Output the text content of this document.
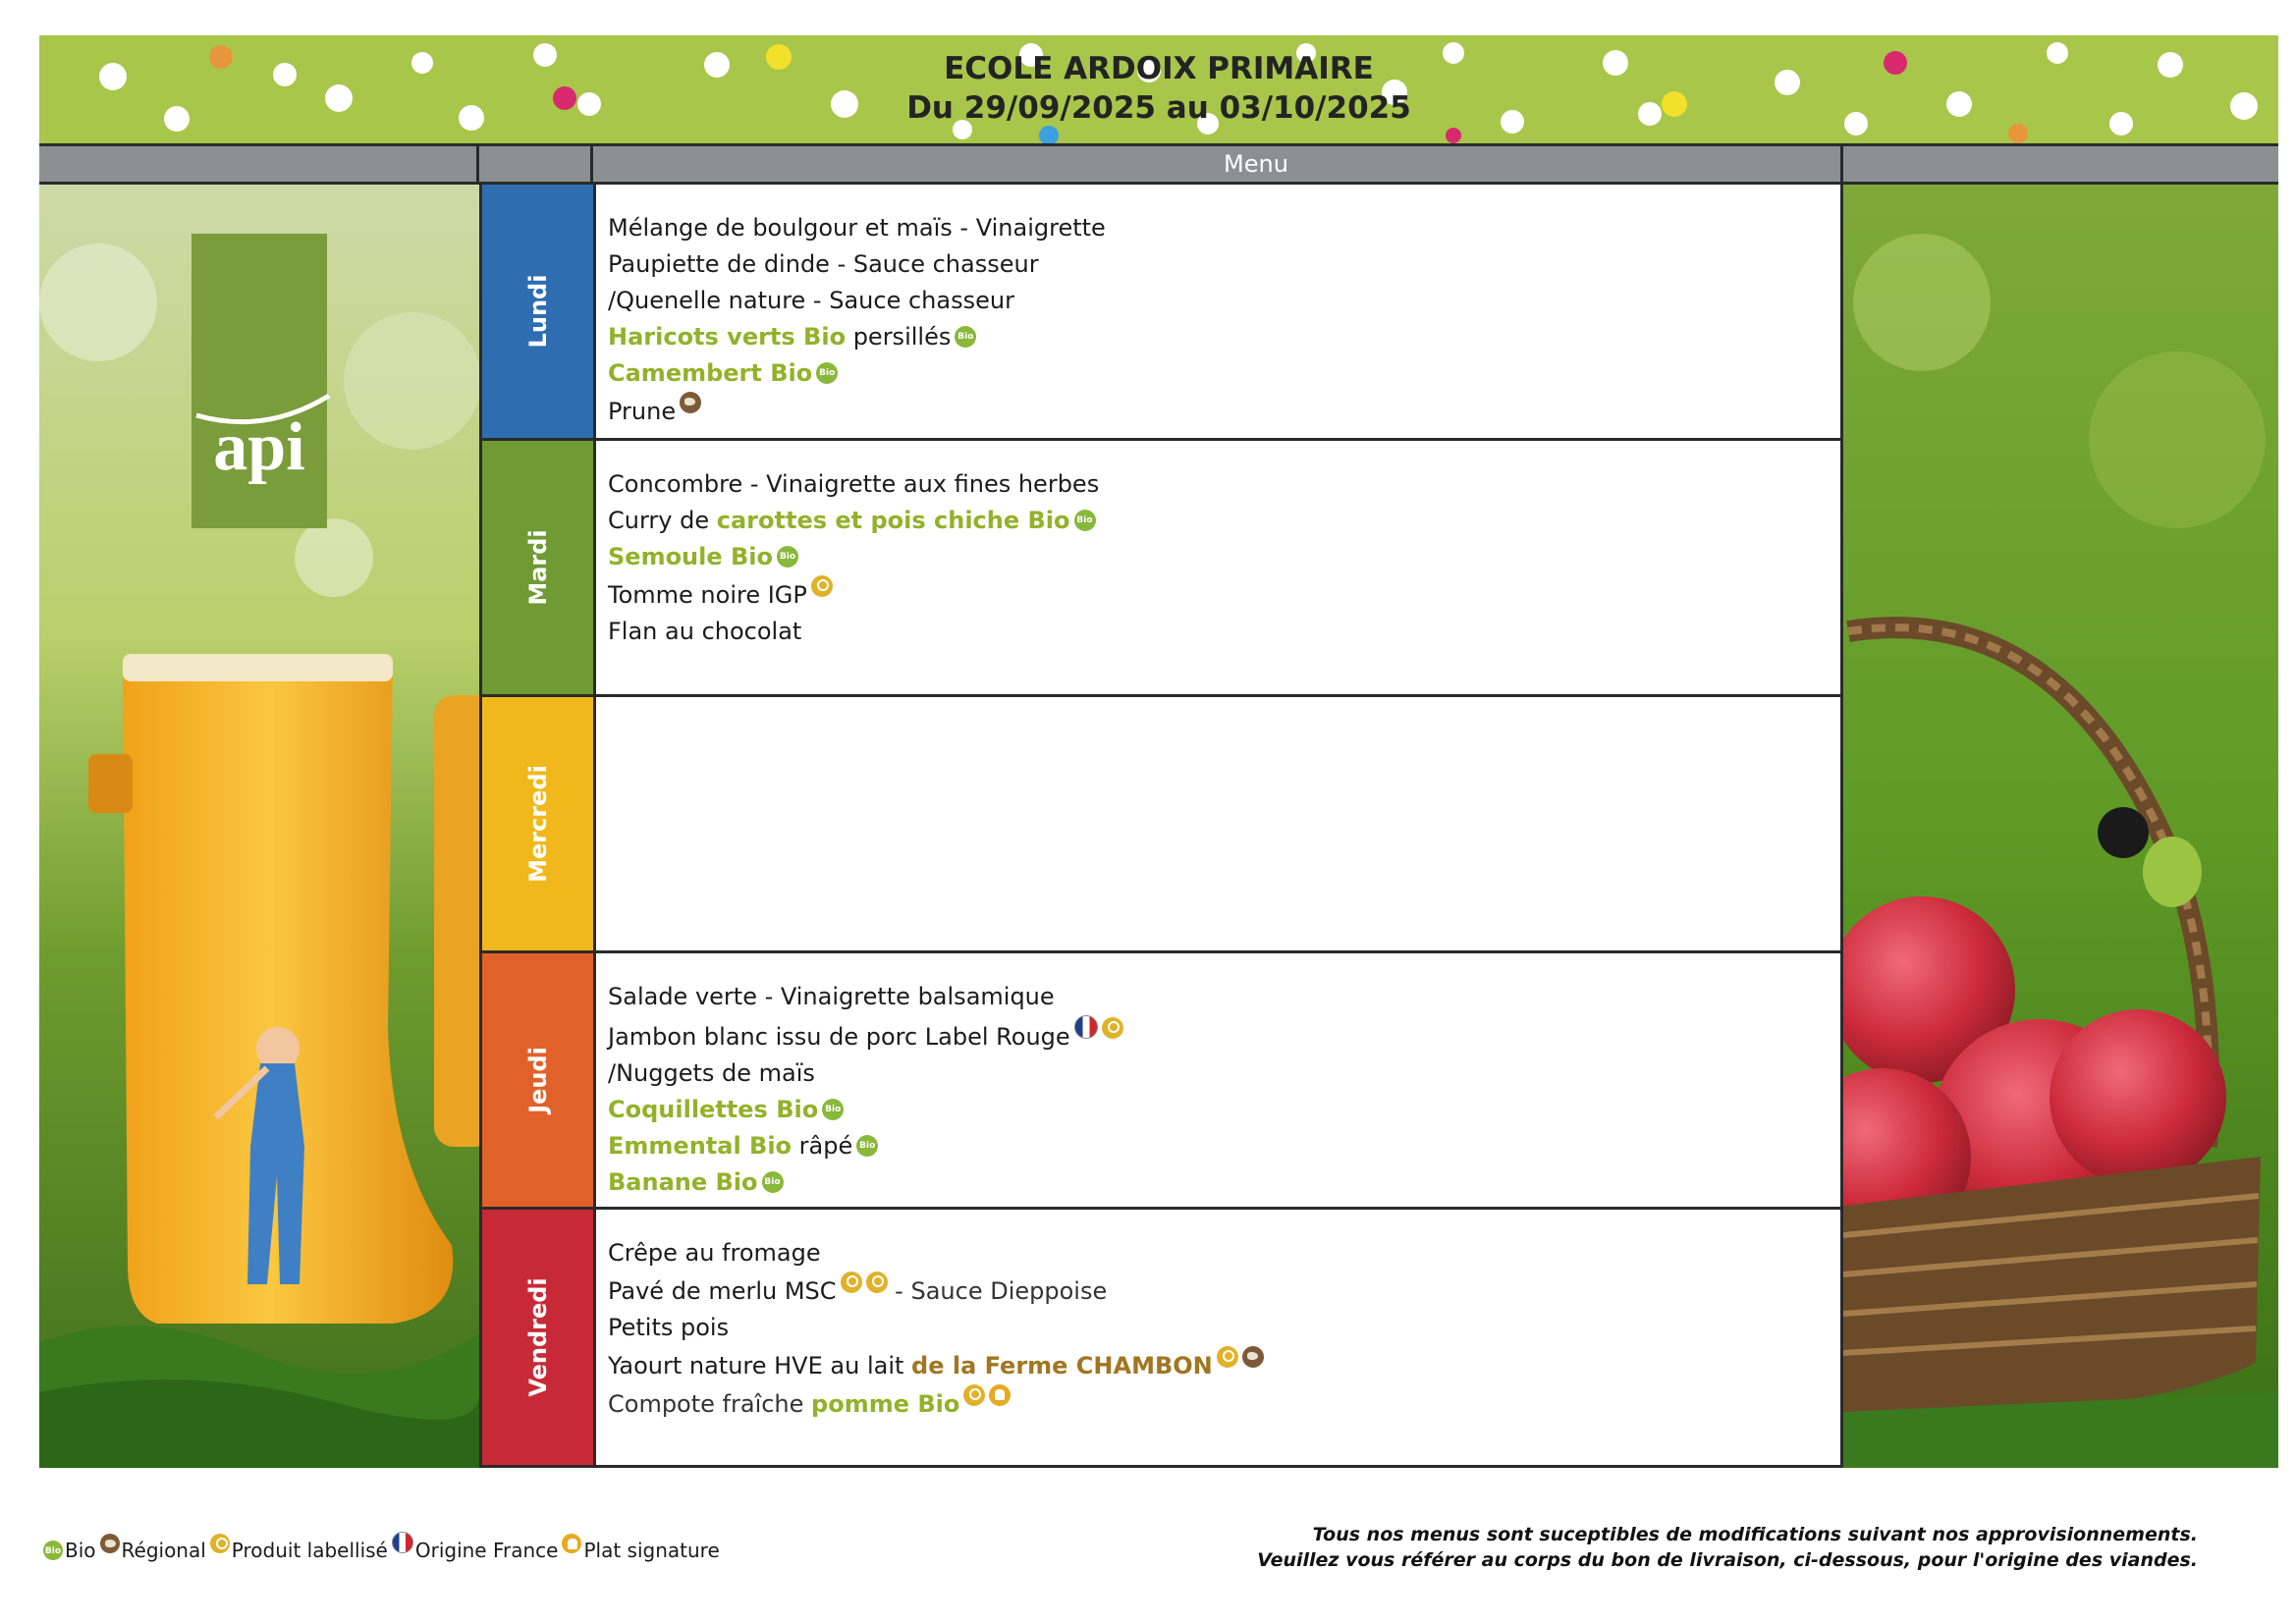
ECOLE ARDOIX PRIMAIRE
Du 29/09/2025 au 03/10/2025
Menu
api
Lundi
Mélange de boulgour et maïs - Vinaigrette
Paupiette de dinde - Sauce chasseur
/Quenelle nature - Sauce chasseur
Haricots verts Bio persillésBio
Camembert BioBio
Prune
Mardi
Concombre - Vinaigrette aux fines herbes
Curry de carottes et pois chiche BioBio
Semoule BioBio
Tomme noire IGP
Flan au chocolat
Mercredi
Jeudi
Salade verte - Vinaigrette balsamique
Jambon blanc issu de porc Label Rouge
/Nuggets de maïs
Coquillettes BioBio
Emmental Bio râpéBio
Banane BioBio
Vendredi
Crêpe au fromage
Pavé de merlu MSC - Sauce Dieppoise
Petits pois
Yaourt nature HVE au lait de la Ferme CHAMBON
Compote fraîche pomme Bio
BioBio Régional Produit labellisé Origine France Plat signature
Tous nos menus sont suceptibles de modifications suivant nos approvisionnements.
Veuillez vous référer au corps du bon de livraison, ci-dessous, pour l'origine des viandes.
